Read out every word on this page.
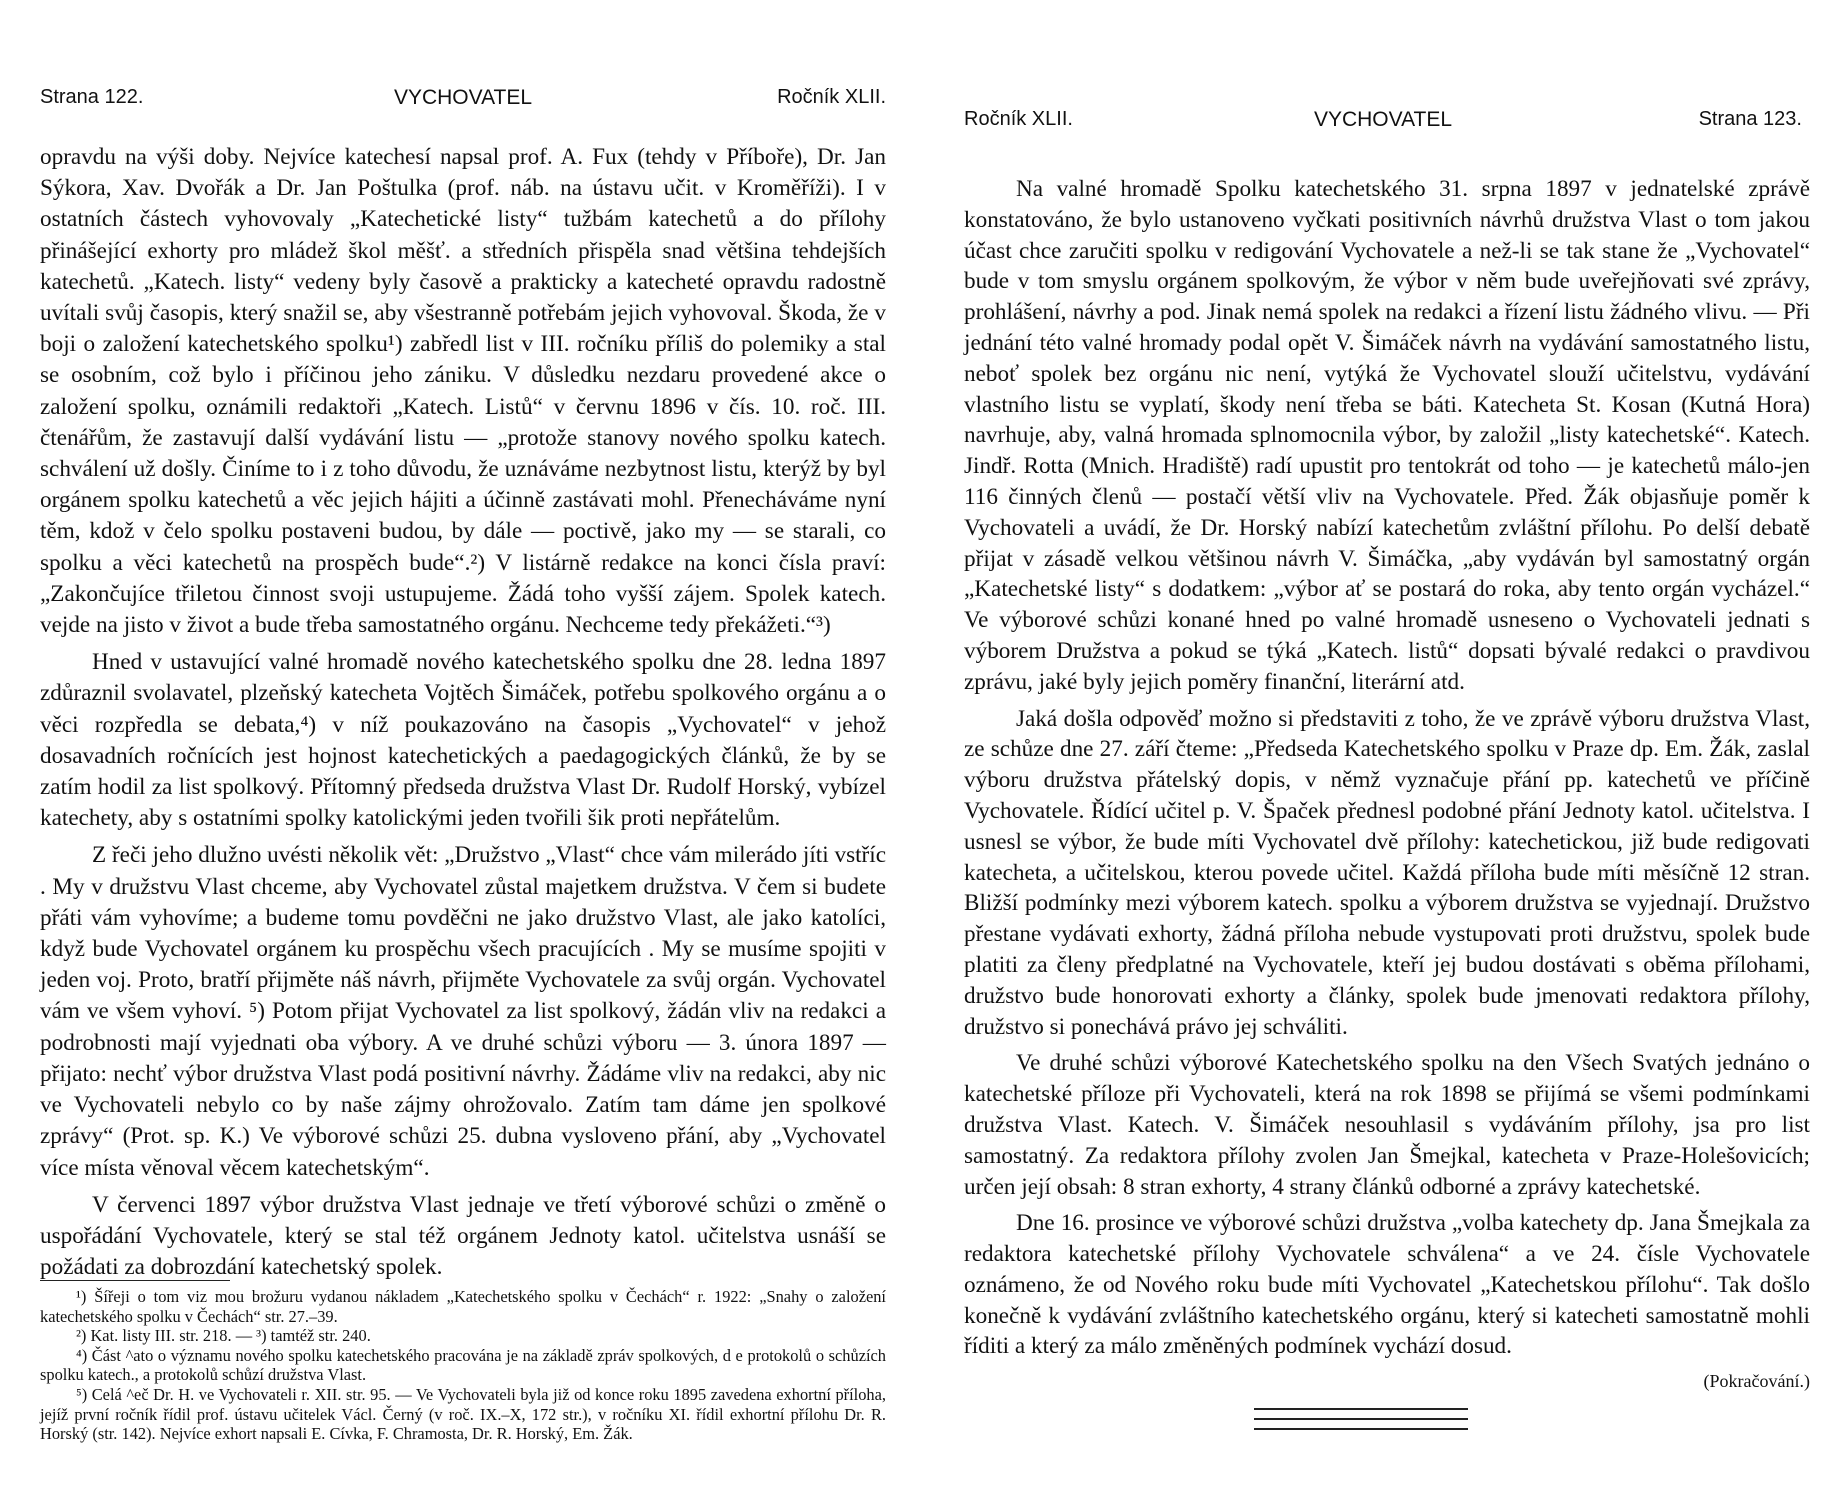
Strana 122.	VYCHOVATEL	Ročník XLII.

opravdu na výši doby. Nejvíce katechesí napsal prof. A. Fux (tehdy v Příboře), Dr. Jan Sýkora, Xav. Dvořák a Dr. Jan Poštulka (prof. náb. na ústavu učit. v Kroměříži). I v ostatních částech vyhovovaly „Katechetické listy“ tužbám katechetů a do přílohy přinášející exhorty pro mládež škol měšť. a středních přispěla snad většina tehdejších katechetů. „Katech. listy“ vedeny byly časově a prakticky a katecheté opravdu radostně uvítali svůj časopis, který snažil se, aby všestranně potřebám jejich vyhovoval. Škoda, že v boji o založení katechetského spolku¹) zabředl list v III. ročníku příliš do polemiky a stal se osobním, což bylo i příčinou jeho zániku. V důsledku nezdaru provedené akce o založení spolku, oznámili redaktoři „Katech. Listů“ v červnu 1896 v čís. 10. roč. III. čtenářům, že zastavují další vydávání listu — „protože stanovy nového spolku katech. schválení už došly. Činíme to i z toho důvodu, že uznáváme nezbytnost listu, kterýž by byl orgánem spolku katechetů a věc jejich hájiti a účinně zastávati mohl. Přenecháváme nyní těm, kdož v čelo spolku postaveni budou, by dále — poctivě, jako my — se starali, co spolku a věci katechetů na prospěch bude“.²) V listárně redakce na konci čísla praví: „Zakončujíce třiletou činnost svoji ustupujeme. Žádá toho vyšší zájem. Spolek katech. vejde na jisto v život a bude třeba samostatného orgánu. Nechceme tedy překážeti.“³)

Hned v ustavující valné hromadě nového katechetského spolku dne 28. ledna 1897 zdůraznil svolavatel, plzeňský katecheta Vojtěch Šimáček, potřebu spolkového orgánu a o věci rozpředla se debata,⁴) v níž poukazováno na časopis „Vychovatel“ v jehož dosavadních ročnících jest hojnost katechetických a paedagogických článků, že by se zatím hodil za list spolkový. Přítomný předseda družstva Vlast Dr. Rudolf Horský, vybízel katechety, aby s ostatními spolky katolickými jeden tvořili šik proti nepřátelům.

Z řeči jeho dlužno uvésti několik vět: „Družstvo „Vlast“ chce vám milerádo jíti vstříc . My v družstvu Vlast chceme, aby Vychovatel zůstal majetkem družstva. V čem si budete přáti vám vyhovíme; a budeme tomu povděčni ne jako družstvo Vlast, ale jako katolíci, když bude Vychovatel orgánem ku prospěchu všech pracujících . My se musíme spojiti v jeden voj. Proto, bratří přijměte náš návrh, přijměte Vychovatele za svůj orgán. Vychovatel vám ve všem vyhoví. ⁵) Potom přijat Vychovatel za list spolkový, žádán vliv na redakci a podrobnosti mají vyjednati oba výbory. A ve druhé schůzi výboru — 3. února 1897 — přijato: nechť výbor družstva Vlast podá positivní návrhy. Žádáme vliv na redakci, aby nic ve Vychovateli nebylo co by naše zájmy ohrožovalo. Zatím tam dáme jen spolkové zprávy“ (Prot. sp. K.) Ve výborové schůzi 25. dubna vysloveno přání, aby „Vychovatel více místa věnoval věcem katechetským“.

V červenci 1897 výbor družstva Vlast jednaje ve třetí výborové schůzi o změně o uspořádání Vychovatele, který se stal též orgánem Jednoty katol. učitelstva usnáší se požádati za dobrozdání katechetský spolek.

¹) Šířeji o tom viz mou brožuru vydanou nákladem „Katechetského spolku v Čechách“ r. 1922: „Snahy o založení katechetského spolku v Čechách“ str. 27.–39.

²) Kat. listy III. str. 218. — ³) tamtéž str. 240.

⁴) Část ^ato o významu nového spolku katechetského pracována je na základě zpráv spolkových, d e protokolů o schůzích spolku katech., a protokolů schůzí družstva Vlast.

⁵) Celá ^eč Dr. H. ve Vychovateli r. XII. str. 95. — Ve Vychovateli byla již od konce roku 1895 zavedena exhortní příloha, jejíž první ročník řídil prof. ústavu učitelek Václ. Černý (v roč. IX.–X, 172 str.), v ročníku XI. řídil exhortní přílohu Dr. R. Horský (str. 142). Nejvíce exhort napsali E. Cívka, F. Chramosta, Dr. R. Horský, Em. Žák.

Ročník XLII.	VYCHOVATEL	Strana 123.

Na valné hromadě Spolku katechetského 31. srpna 1897 v jednatelské zprávě konstatováno, že bylo ustanoveno vyčkati positivních návrhů družstva Vlast o tom jakou účast chce zaručiti spolku v redigování Vychovatele a než-li se tak stane že „Vychovatel“ bude v tom smyslu orgánem spolkovým, že výbor v něm bude uveřejňovati své zprávy, prohlášení, návrhy a pod. Jinak nemá spolek na redakci a řízení listu žádného vlivu. — Při jednání této valné hromady podal opět V. Šimáček návrh na vydávání samostatného listu, neboť spolek bez orgánu nic není, vytýká že Vychovatel slouží učitelstvu, vydávání vlastního listu se vyplatí, škody není třeba se báti. Katecheta St. Kosan (Kutná Hora) navrhuje, aby, valná hromada splnomocnila výbor, by založil „listy katechetské“. Katech. Jindř. Rotta (Mnich. Hradiště) radí upustit pro tentokrát od toho — je katechetů málo-jen 116 činných členů — postačí větší vliv na Vychovatele. Před. Žák objasňuje poměr k Vychovateli a uvádí, že Dr. Horský nabízí katechetům zvláštní přílohu. Po delší debatě přijat v zásadě velkou většinou návrh V. Šimáčka, „aby vydáván byl samostatný orgán „Katechetské listy“ s dodatkem: „výbor ať se postará do roka, aby tento orgán vycházel.“ Ve výborové schůzi konané hned po valné hromadě usneseno o Vychovateli jednati s výborem Družstva a pokud se týká „Katech. listů“ dopsati bývalé redakci o pravdivou zprávu, jaké byly jejich poměry finanční, literární atd.

Jaká došla odpověď možno si představiti z toho, že ve zprávě výboru družstva Vlast, ze schůze dne 27. září čteme: „Předseda Katechetského spolku v Praze dp. Em. Žák, zaslal výboru družstva přátelský dopis, v němž vyznačuje přání pp. katechetů ve příčině Vychovatele. Řídící učitel p. V. Špaček přednesl podobné přání Jednoty katol. učitelstva. I usnesl se výbor, že bude míti Vychovatel dvě přílohy: katechetickou, již bude redigovati katecheta, a učitelskou, kterou povede učitel. Každá příloha bude míti měsíčně 12 stran. Bližší podmínky mezi výborem katech. spolku a výborem družstva se vyjednají. Družstvo přestane vydávati exhorty, žádná příloha nebude vystupovati proti družstvu, spolek bude platiti za členy předplatné na Vychovatele, kteří jej budou dostávati s oběma přílohami, družstvo bude honorovati exhorty a články, spolek bude jmenovati redaktora přílohy, družstvo si ponechává právo jej schváliti.

Ve druhé schůzi výborové Katechetského spolku na den Všech Svatých jednáno o katechetské příloze při Vychovateli, která na rok 1898 se přijímá se všemi podmínkami družstva Vlast. Katech. V. Šimáček nesouhlasil s vydáváním přílohy, jsa pro list samostatný. Za redaktora přílohy zvolen Jan Šmejkal, katecheta v Praze-Holešovicích; určen její obsah: 8 stran exhorty, 4 strany článků odborné a zprávy katechetské.

Dne 16. prosince ve výborové schůzi družstva „volba katechety dp. Jana Šmejkala za redaktora katechetské přílohy Vychovatele schválena“ a ve 24. čísle Vychovatele oznámeno, že od Nového roku bude míti Vychovatel „Katechetskou přílohu“. Tak došlo konečně k vydávání zvláštního katechetského orgánu, který si katecheti samostatně mohli říditi a který za málo změněných podmínek vychází dosud.

(Pokračování.)
